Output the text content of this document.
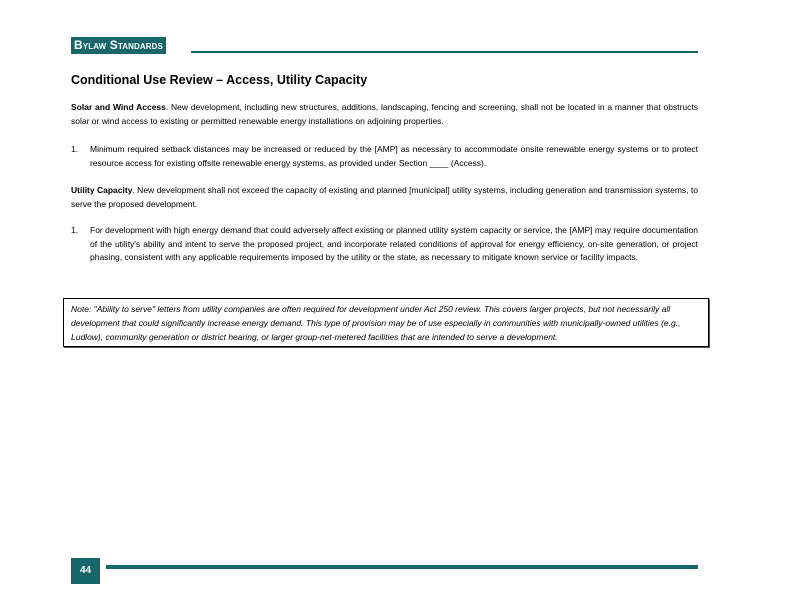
Bylaw Standards
Conditional Use Review – Access, Utility Capacity

Solar and Wind Access. New development, including new structures, additions, landscaping, fencing and screening, shall not be located in a manner that obstructs solar or wind access to existing or permitted renewable energy installations on adjoining properties.

1. Minimum required setback distances may be increased or reduced by the [AMP] as necessary to accommodate onsite renewable energy systems or to protect resource access for existing offsite renewable energy systems, as provided under Section ____ (Access).

Utility Capacity. New development shall not exceed the capacity of existing and planned [municipal] utility systems, including generation and transmission systems, to serve the proposed development.

1. For development with high energy demand that could adversely affect existing or planned utility system capacity or service, the [AMP] may require documentation of the utility's ability and intent to serve the proposed project, and incorporate related conditions of approval for energy efficiency, on-site generation, or project phasing, consistent with any applicable requirements imposed by the utility or the state, as necessary to mitigate known service or facility impacts.
Note: "Ability to serve" letters from utility companies are often required for development under Act 250 review. This covers larger projects, but not necessarily all development that could significantly increase energy demand. This type of provision may be of use especially in communities with municipally-owned utilities (e.g., Ludlow), community generation or district hearing, or larger group-net-metered facilities that are intended to serve a development.
44
